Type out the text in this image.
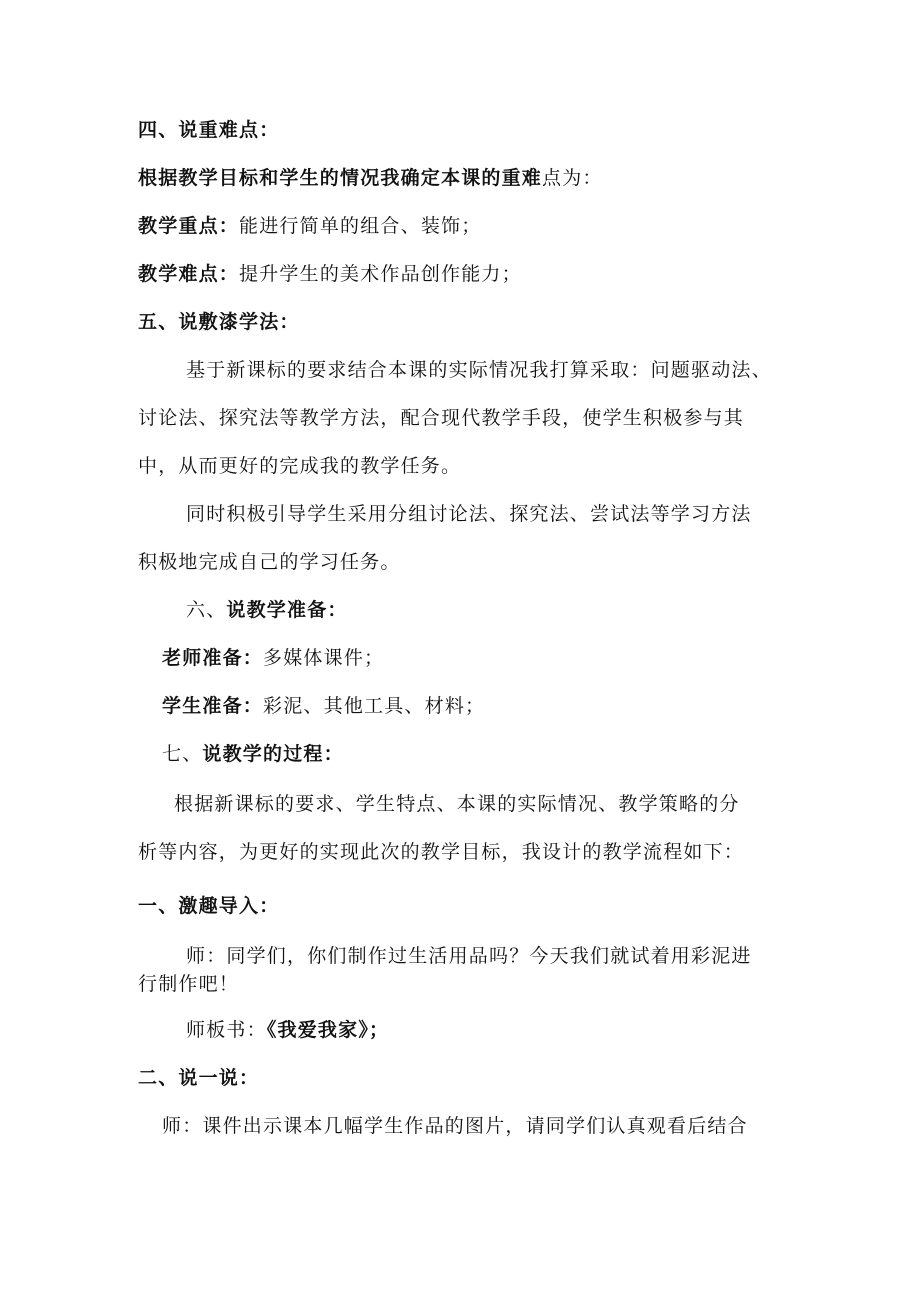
四、说重难点：
根据教学目标和学生的情况我确定本课的重难点为：
教学重点：能进行简单的组合、装饰；
教学难点：提升学生的美术作品创作能力；
五、说敷漆学法：
基于新课标的要求结合本课的实际情况我打算采取：问题驱动法、
讨论法、探究法等教学方法，配合现代教学手段，使学生积极参与其
中，从而更好的完成我的教学任务。
同时积极引导学生采用分组讨论法、探究法、尝试法等学习方法
积极地完成自己的学习任务。
六、说教学准备：
老师准备：多媒体课件；
学生准备：彩泥、其他工具、材料；
七、说教学的过程：
根据新课标的要求、学生特点、本课的实际情况、教学策略的分
析等内容，为更好的实现此次的教学目标，我设计的教学流程如下：
一、激趣导入：
师：同学们，你们制作过生活用品吗？今天我们就试着用彩泥进
行制作吧！
师板书：《我爱我家》；
二、说一说：
师：课件出示课本几幅学生作品的图片，请同学们认真观看后结合
